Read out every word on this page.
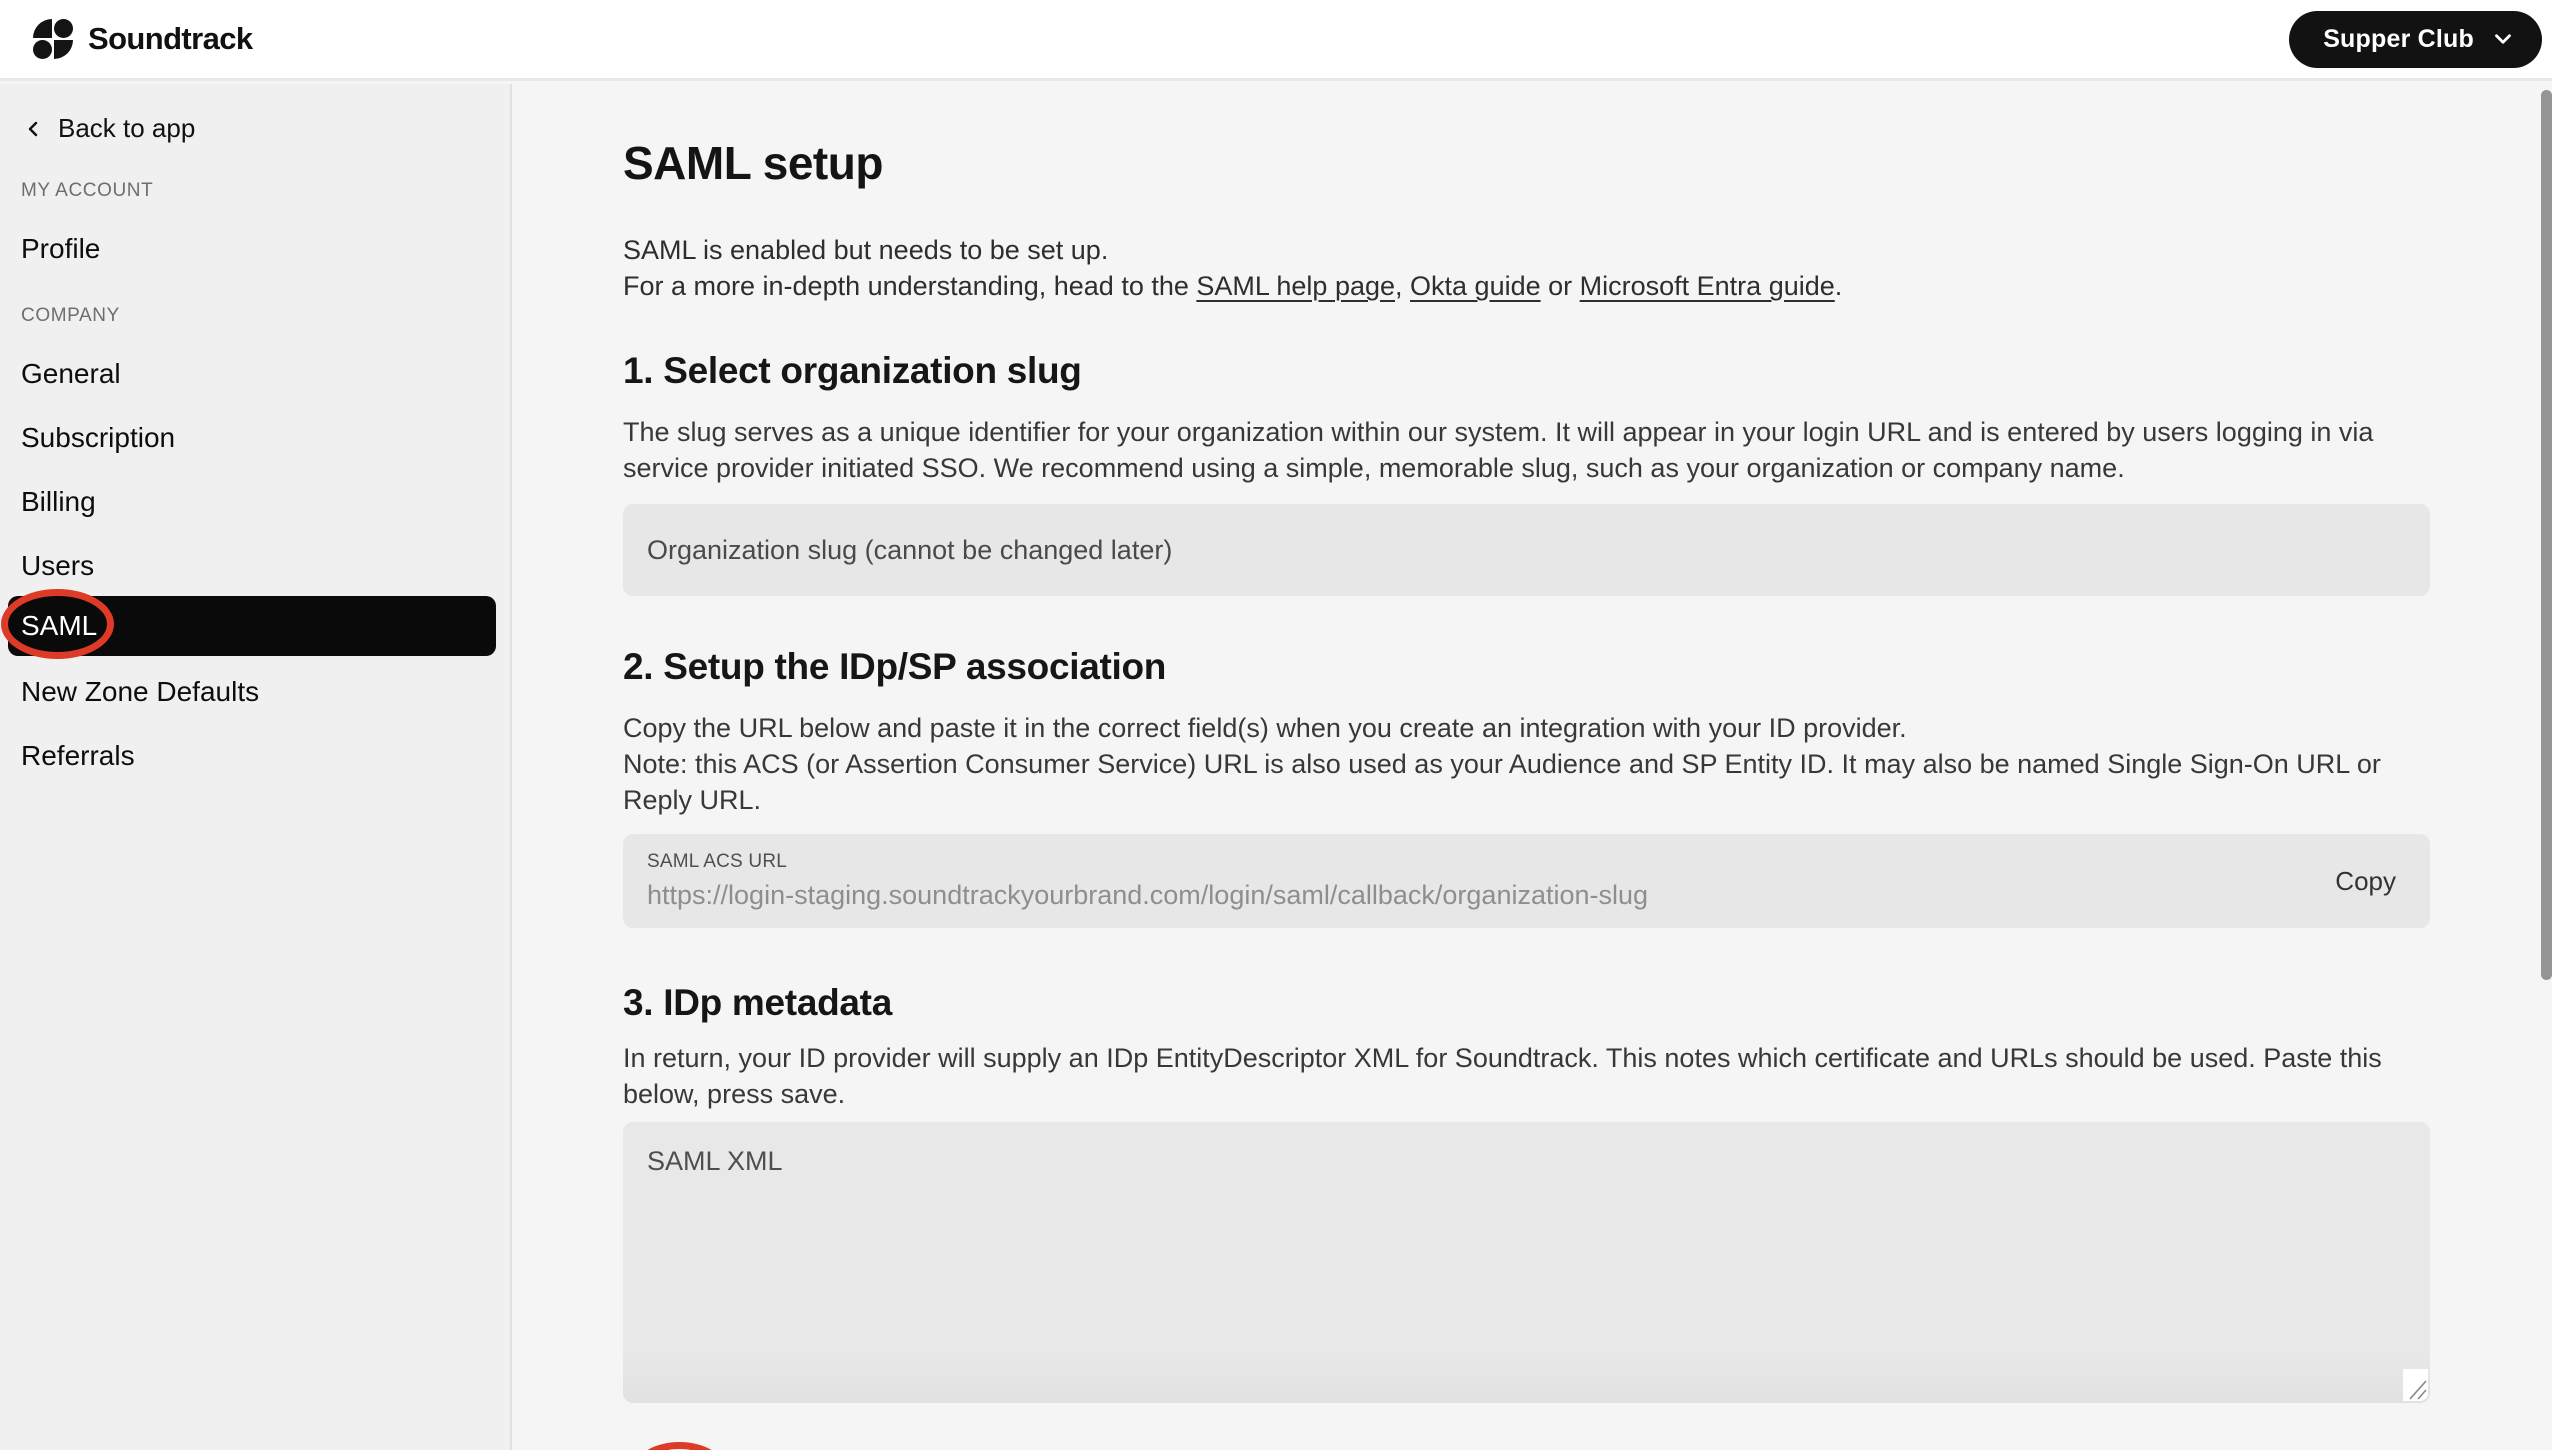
Soundtrack	Supper Club
Back to app
MY ACCOUNT
Profile
COMPANY
General
Subscription
Billing
Users
SAML
New Zone Defaults
Referrals
SAML setup

SAML is enabled but needs to be set up.
For a more in-depth understanding, head to the SAML help page, Okta guide or Microsoft Entra guide.

1. Select organization slug

The slug serves as a unique identifier for your organization within our system. It will appear in your login URL and is entered by users logging in via service provider initiated SSO. We recommend using a simple, memorable slug, such as your organization or company name.

Organization slug (cannot be changed later)
2. Setup the IDp/SP association

Copy the URL below and paste it in the correct field(s) when you create an integration with your ID provider.
Note: this ACS (or Assertion Consumer Service) URL is also used as your Audience and SP Entity ID. It may also be named Single Sign-On URL or Reply URL.

SAML ACS URL
https://login-staging.soundtrackyourbrand.com/login/saml/callback/organization-slug	Copy
3. IDp metadata

In return, your ID provider will supply an IDp EntityDescriptor XML for Soundtrack. This notes which certificate and URLs should be used. Paste this below, press save.

SAML XML
